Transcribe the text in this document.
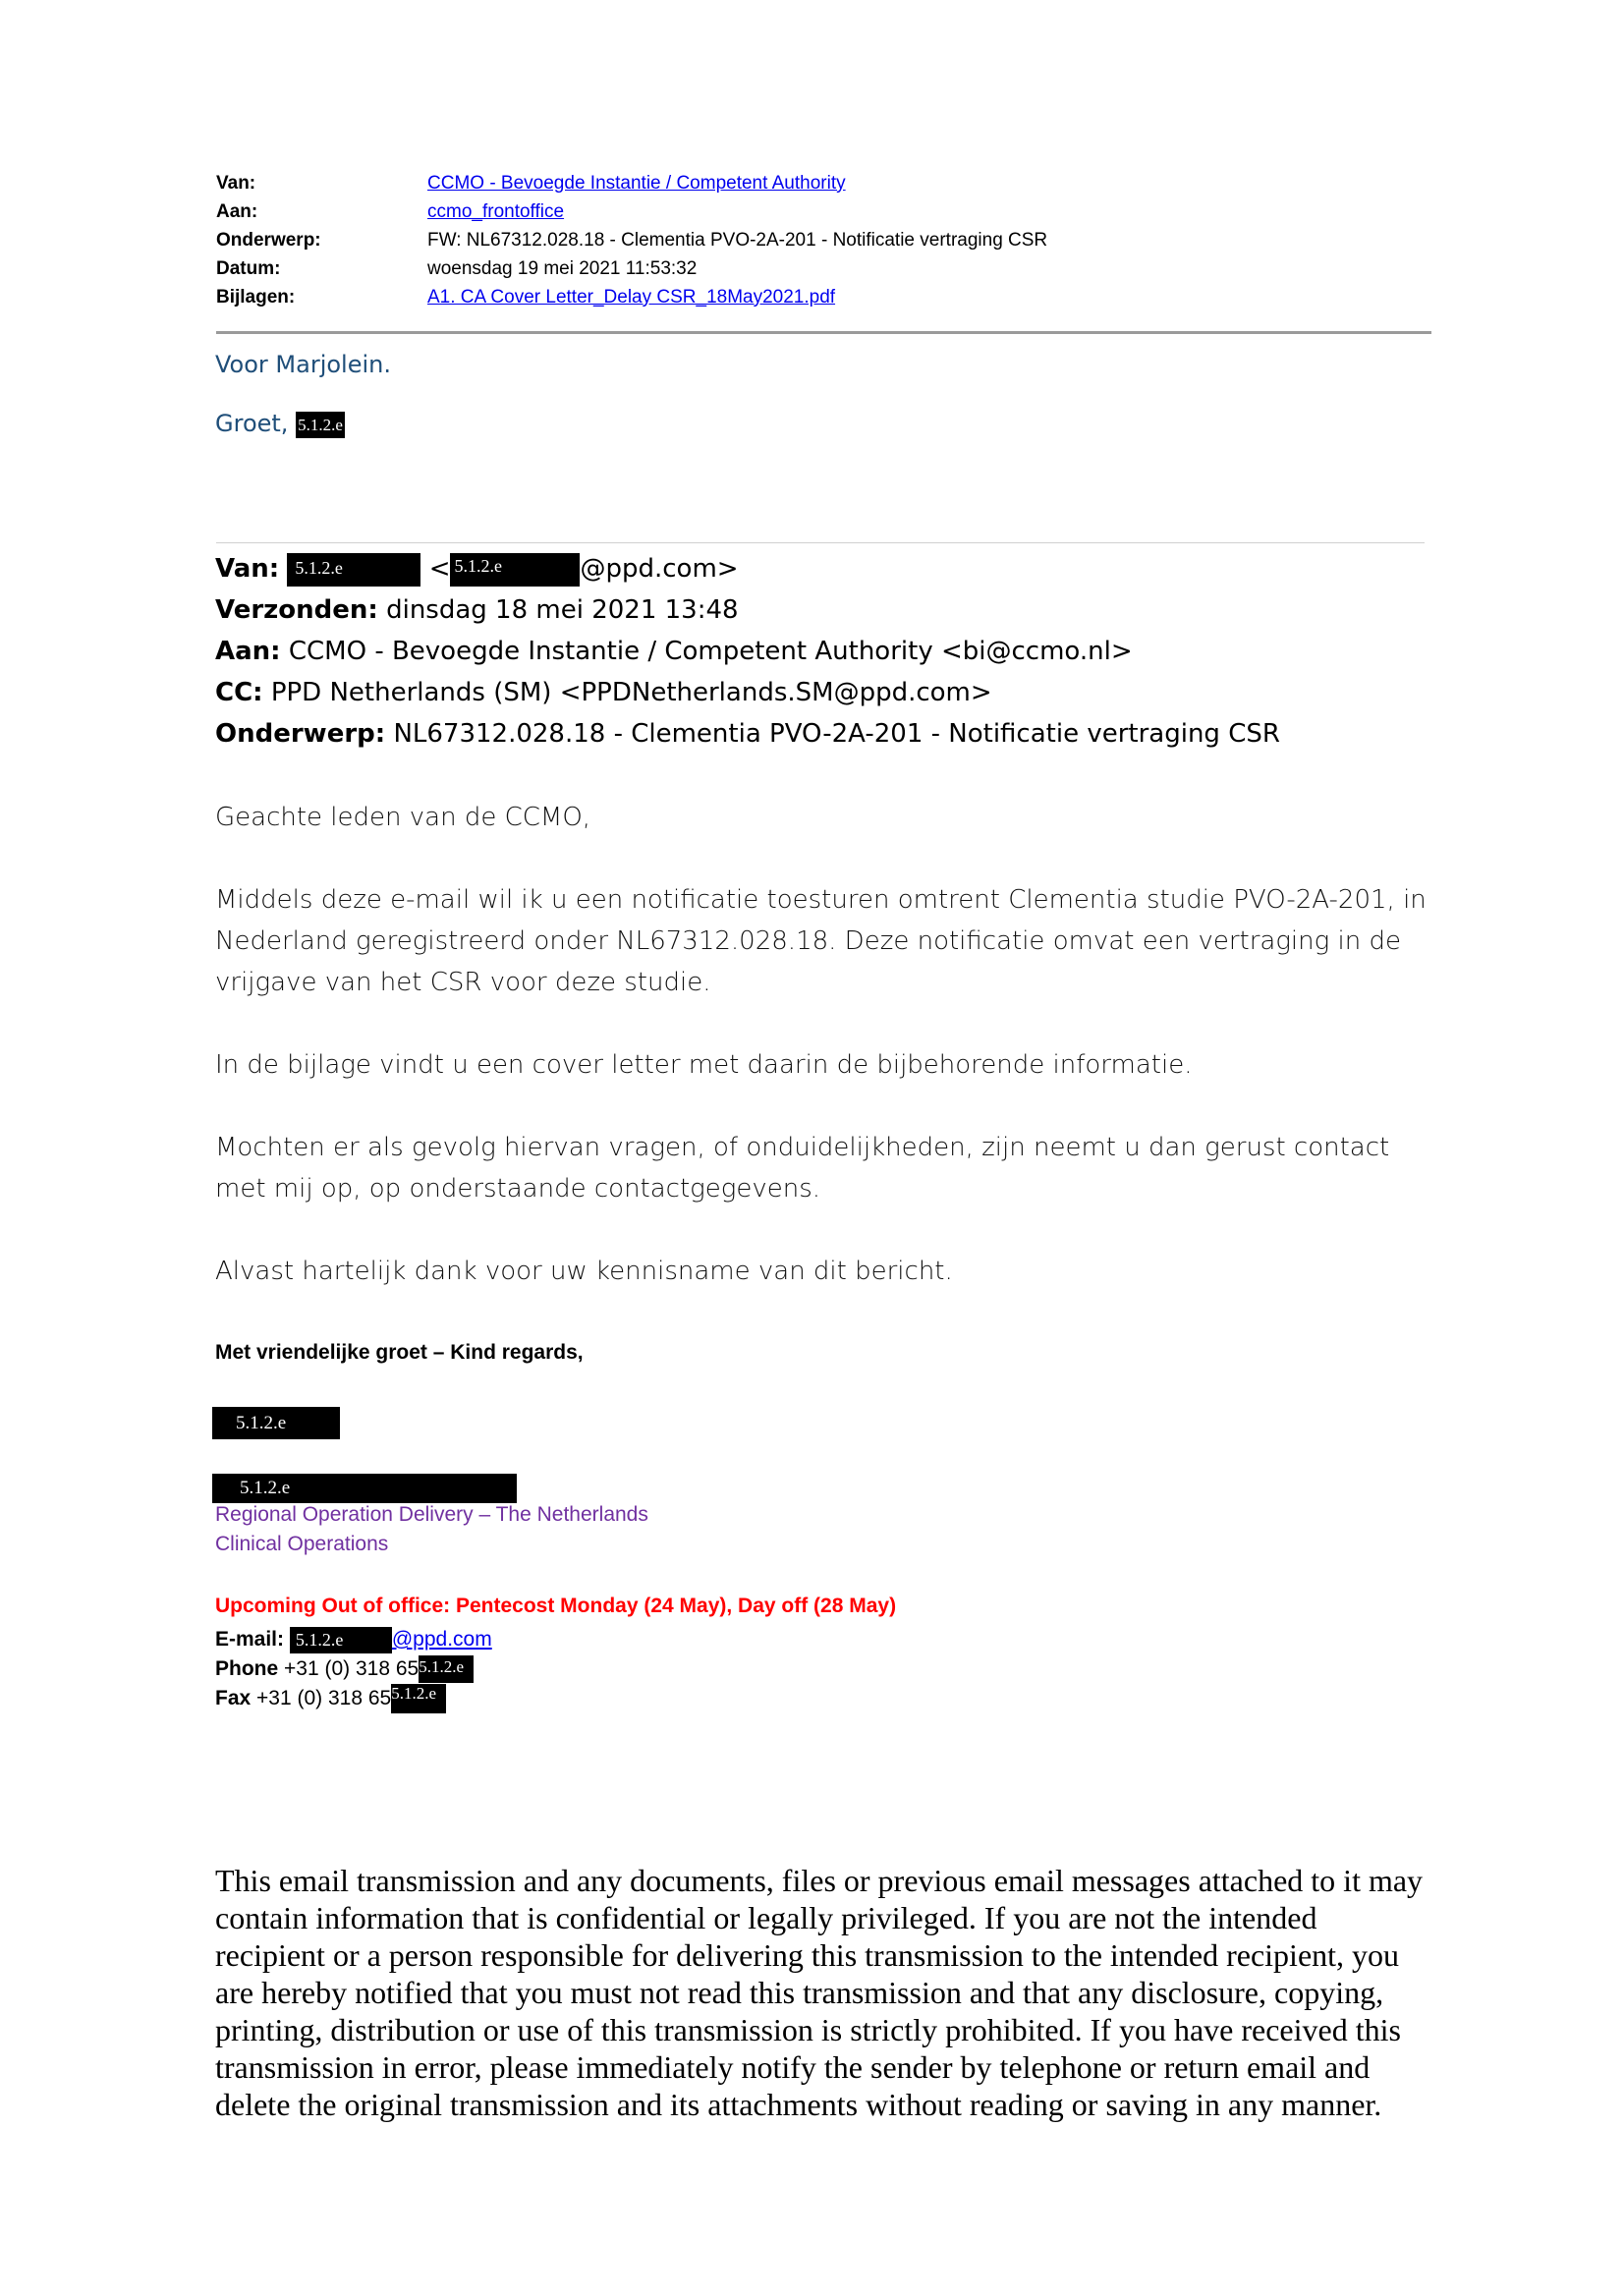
Van:	CCMO - Bevoegde Instantie / Competent Authority
Aan:	ccmo_frontoffice
Onderwerp:	FW: NL67312.028.18 - Clementia PVO-2A-201 - Notificatie vertraging CSR
Datum:	woensdag 19 mei 2021 11:53:32
Bijlagen:	A1. CA Cover Letter_Delay CSR_18May2021.pdf
Voor Marjolein.
Groet, 5.1.2.e
Van: 5.1.2.e	< 5.1.2.e	@ppd.com>
Verzonden: dinsdag 18 mei 2021 13:48
Aan: CCMO - Bevoegde Instantie / Competent Authority <bi@ccmo.nl>
CC: PPD Netherlands (SM) <PPDNetherlands.SM@ppd.com>
Onderwerp: NL67312.028.18 - Clementia PVO-2A-201 - Notificatie vertraging CSR
Geachte leden van de CCMO,
Middels deze e-mail wil ik u een notificatie toesturen omtrent Clementia studie PVO-2A-201, in Nederland geregistreerd onder NL67312.028.18. Deze notificatie omvat een vertraging in de vrijgave van het CSR voor deze studie.
In de bijlage vindt u een cover letter met daarin de bijbehorende informatie.
Mochten er als gevolg hiervan vragen, of onduidelijkheden, zijn neemt u dan gerust contact met mij op, op onderstaande contactgegevens.
Alvast hartelijk dank voor uw kennisname van dit bericht.
Met vriendelijke groet – Kind regards,
5.1.2.e
5.1.2.e
Regional Operation Delivery – The Netherlands
Clinical Operations
Upcoming Out of office: Pentecost Monday (24 May), Day off (28 May)
E-mail: 5.1.2.e @ppd.com
Phone +31 (0) 318 655.1.2.e
Fax +31 (0) 318 655.1.2.e
This email transmission and any documents, files or previous email messages attached to it may contain information that is confidential or legally privileged. If you are not the intended recipient or a person responsible for delivering this transmission to the intended recipient, you are hereby notified that you must not read this transmission and that any disclosure, copying, printing, distribution or use of this transmission is strictly prohibited. If you have received this transmission in error, please immediately notify the sender by telephone or return email and delete the original transmission and its attachments without reading or saving in any manner.
